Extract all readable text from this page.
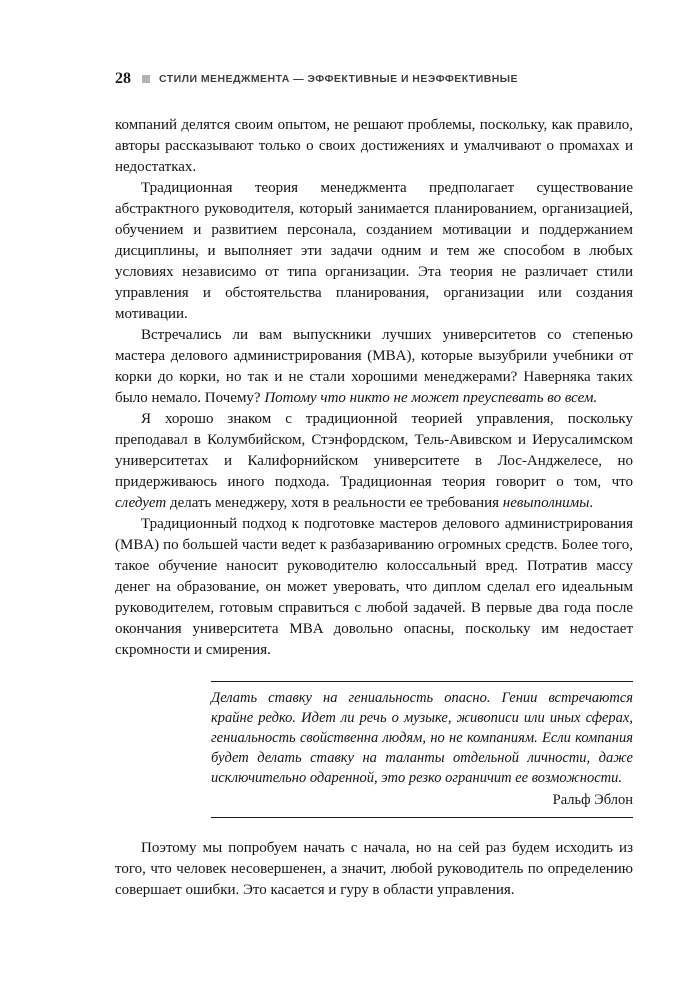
28	СТИЛИ МЕНЕДЖМЕНТА — ЭФФЕКТИВНЫЕ И НЕЭФФЕКТИВНЫЕ

компаний делятся своим опытом, не решают проблемы, поскольку, как правило, авторы рассказывают только о своих достижениях и умалчивают о промахах и недостатках.

Традиционная теория менеджмента предполагает существование абстрактного руководителя, который занимается планированием, организацией, обучением и развитием персонала, созданием мотивации и поддержанием дисциплины, и выполняет эти задачи одним и тем же способом в любых условиях независимо от типа организации. Эта теория не различает стили управления и обстоятельства планирования, организации или создания мотивации.

Встречались ли вам выпускники лучших университетов со степенью мастера делового администрирования (MBA), которые вызубрили учебники от корки до корки, но так и не стали хорошими менеджерами? Наверняка таких было немало. Почему? Потому что никто не может преуспевать во всем.

Я хорошо знаком с традиционной теорией управления, поскольку преподавал в Колумбийском, Стэнфордском, Тель-Авивском и Иерусалимском университетах и Калифорнийском университете в Лос-Анджелесе, но придерживаюсь иного подхода. Традиционная теория говорит о том, что следует делать менеджеру, хотя в реальности ее требования невыполнимы.

Традиционный подход к подготовке мастеров делового администрирования (MBA) по большей части ведет к разбазариванию огромных средств. Более того, такое обучение наносит руководителю колоссальный вред. Потратив массу денег на образование, он может уверовать, что диплом сделал его идеальным руководителем, готовым справиться с любой задачей. В первые два года после окончания университета MBA довольно опасны, поскольку им недостает скромности и смирения.

Делать ставку на гениальность опасно. Гении встречаются крайне редко. Идет ли речь о музыке, живописи или иных сферах, гениальность свойственна людям, но не компаниям. Если компания будет делать ставку на таланты отдельной личности, даже исключительно одаренной, это резко ограничит ее возможности.

Ральф Эблон

Поэтому мы попробуем начать с начала, но на сей раз будем исходить из того, что человек несовершенен, а значит, любой руководитель по определению совершает ошибки. Это касается и гуру в области управления.
